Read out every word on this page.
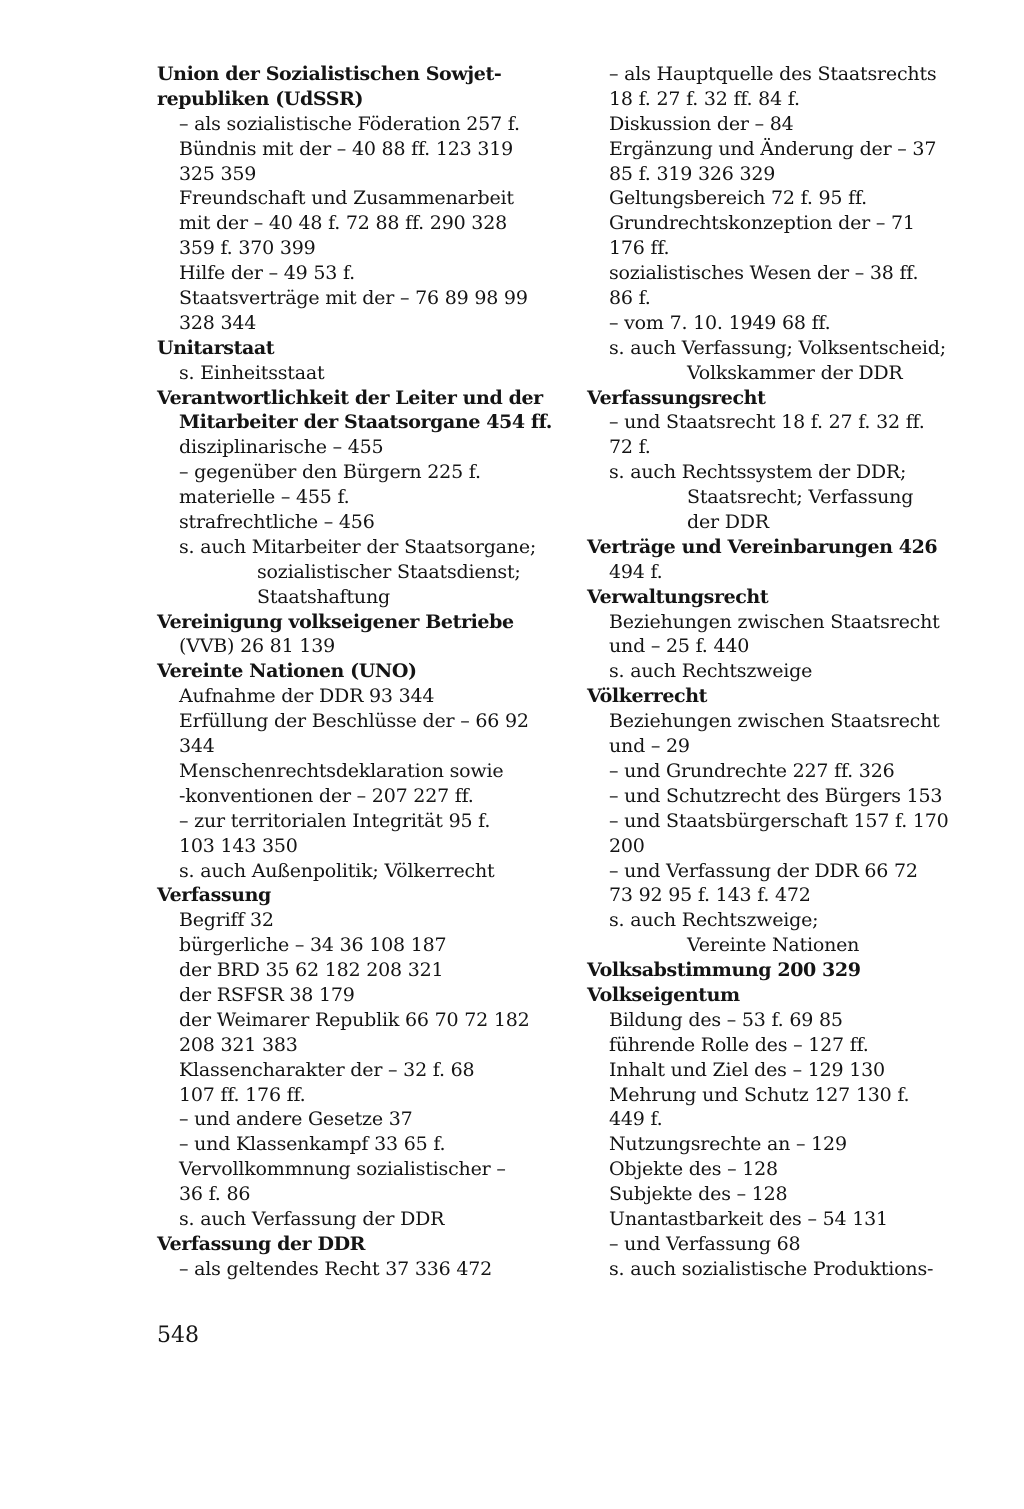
Union der Sozialistischen Sowjet-
republiken (UdSSR)
– als sozialistische Föderation 257 f.
Bündnis mit der – 40 88 ff. 123 319
325 359
Freundschaft und Zusammenarbeit
mit der – 40 48 f. 72 88 ff. 290 328
359 f. 370 399
Hilfe der – 49 53 f.
Staatsverträge mit der – 76 89 98 99
328 344
Unitarstaat
s. Einheitsstaat
Verantwortlichkeit der Leiter und der
Mitarbeiter der Staatsorgane 454 ff.
disziplinarische – 455
– gegenüber den Bürgern 225 f.
materielle – 455 f.
strafrechtliche – 456
s. auch Mitarbeiter der Staatsorgane;
sozialistischer Staatsdienst;
Staatshaftung
Vereinigung volkseigener Betriebe
(VVB) 26 81 139
Vereinte Nationen (UNO)
Aufnahme der DDR 93 344
Erfüllung der Beschlüsse der – 66 92
344
Menschenrechtsdeklaration sowie
-konventionen der – 207 227 ff.
– zur territorialen Integrität 95 f.
103 143 350
s. auch Außenpolitik; Völkerrecht
Verfassung
Begriff 32
bürgerliche – 34 36 108 187
der BRD 35 62 182 208 321
der RSFSR 38 179
der Weimarer Republik 66 70 72 182
208 321 383
Klassencharakter der – 32 f. 68
107 ff. 176 ff.
– und andere Gesetze 37
– und Klassenkampf 33 65 f.
Vervollkommnung sozialistischer –
36 f. 86
s. auch Verfassung der DDR
Verfassung der DDR
– als geltendes Recht 37 336 472
– als Hauptquelle des Staatsrechts
18 f. 27 f. 32 ff. 84 f.
Diskussion der – 84
Ergänzung und Änderung der – 37
85 f. 319 326 329
Geltungsbereich 72 f. 95 ff.
Grundrechtskonzeption der – 71
176 ff.
sozialistisches Wesen der – 38 ff.
86 f.
– vom 7. 10. 1949 68 ff.
s. auch Verfassung; Volksentscheid;
Volkskammer der DDR
Verfassungsrecht
– und Staatsrecht 18 f. 27 f. 32 ff.
72 f.
s. auch Rechtssystem der DDR;
Staatsrecht; Verfassung
der DDR
Verträge und Vereinbarungen 426
494 f.
Verwaltungsrecht
Beziehungen zwischen Staatsrecht
und – 25 f. 440
s. auch Rechtszweige
Völkerrecht
Beziehungen zwischen Staatsrecht
und – 29
– und Grundrechte 227 ff. 326
– und Schutzrecht des Bürgers 153
– und Staatsbürgerschaft 157 f. 170
200
– und Verfassung der DDR 66 72
73 92 95 f. 143 f. 472
s. auch Rechtszweige;
Vereinte Nationen
Volksabstimmung 200 329
Volkseigentum
Bildung des – 53 f. 69 85
führende Rolle des – 127 ff.
Inhalt und Ziel des – 129 130
Mehrung und Schutz 127 130 f.
449 f.
Nutzungsrechte an – 129
Objekte des – 128
Subjekte des – 128
Unantastbarkeit des – 54 131
– und Verfassung 68
s. auch sozialistische Produktions-
548
